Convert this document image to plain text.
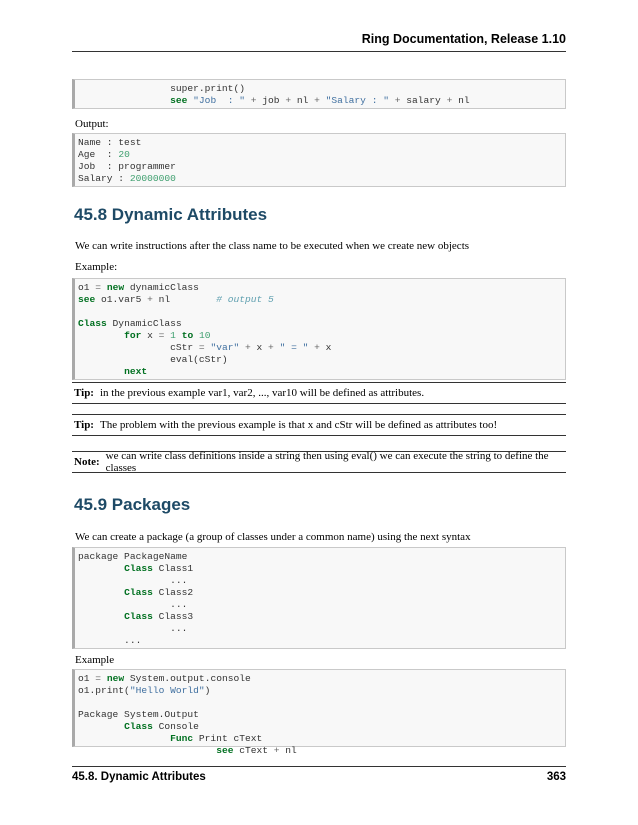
Ring Documentation, Release 1.10
super.print()
see "Job  : " + job + nl + "Salary : " + salary + nl
Output:
Name : test
Age  : 20
Job  : programmer
Salary : 20000000
45.8 Dynamic Attributes
We can write instructions after the class name to be executed when we create new objects
Example:
o1 = new dynamicClass
see o1.var5 + nl        # output 5
Class DynamicClass
for x = 1 to 10
cStr = "var" + x + " = " + x
eval(cStr)
next
Tip: in the previous example var1, var2, ..., var10 will be defined as attributes.
Tip: The problem with the previous example is that x and cStr will be defined as attributes too!
Note: we can write class definitions inside a string then using eval() we can execute the string to define the classes
45.9 Packages
We can create a package (a group of classes under a common name) using the next syntax
package PackageName
Class Class1
...
Class Class2
...
Class Class3
...
...
Example
o1 = new System.output.console
o1.print("Hello World")
Package System.Output
Class Console
Func Print cText
see cText + nl
45.8. Dynamic Attributes	363
